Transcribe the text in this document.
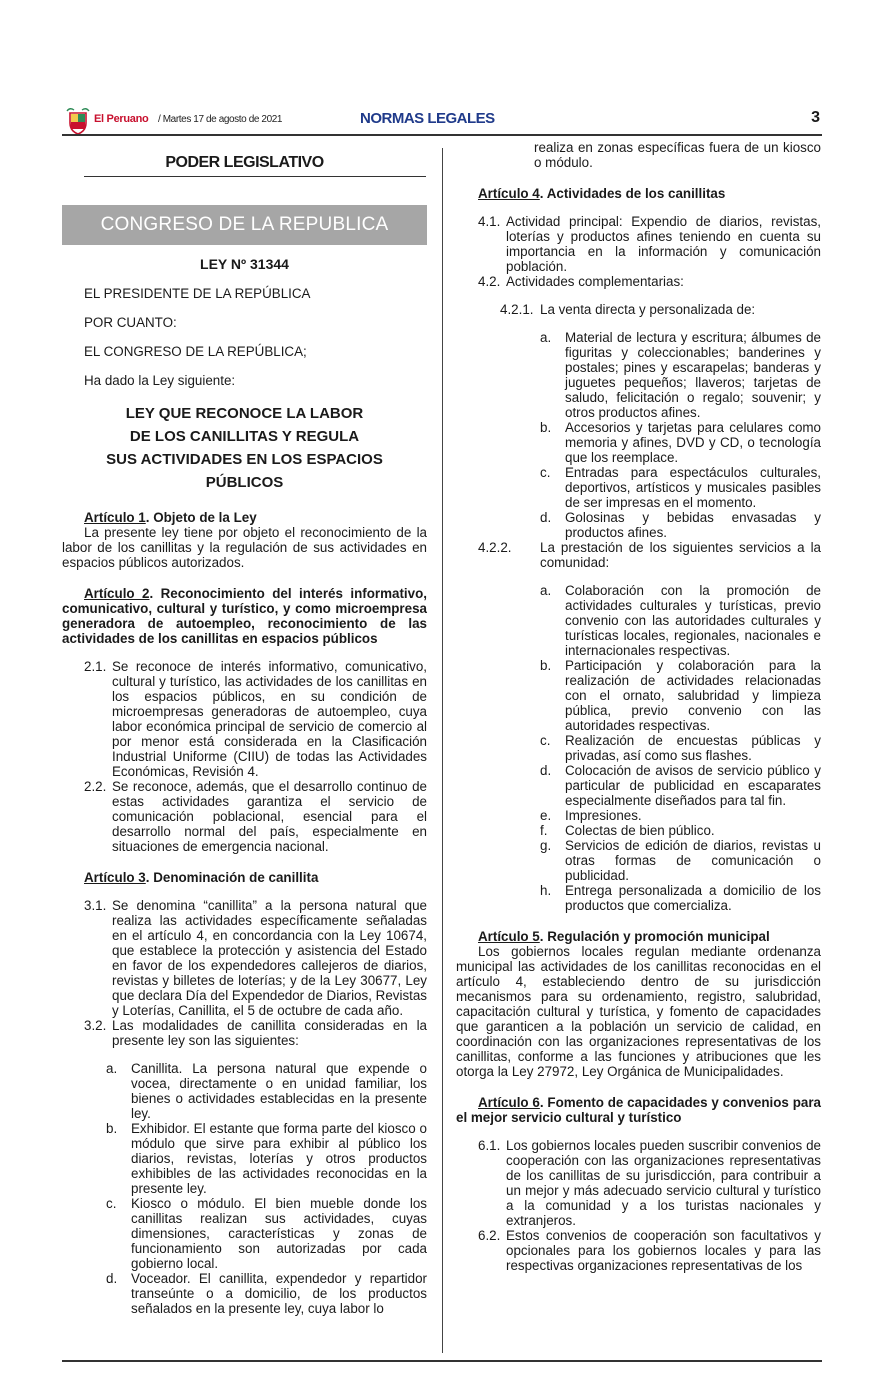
El Peruano / Martes 17 de agosto de 2021	NORMAS LEGALES	3

PODER LEGISLATIVO

CONGRESO DE LA REPUBLICA

LEY Nº 31344

EL PRESIDENTE DE LA REPÚBLICA

POR CUANTO:

EL CONGRESO DE LA REPÚBLICA;

Ha dado la Ley siguiente:

LEY QUE RECONOCE LA LABOR
DE LOS CANILLITAS Y REGULA
SUS ACTIVIDADES EN LOS ESPACIOS
PÚBLICOS

Artículo 1. Objeto de la Ley

La presente ley tiene por objeto el reconocimiento de la labor de los canillitas y la regulación de sus actividades en espacios públicos autorizados.

Artículo 2. Reconocimiento del interés informativo, comunicativo, cultural y turístico, y como microempresa generadora de autoempleo, reconocimiento de las actividades de los canillitas en espacios públicos

2.1. Se reconoce de interés informativo, comunicativo, cultural y turístico, las actividades de los canillitas en los espacios públicos, en su condición de microempresas generadoras de autoempleo, cuya labor económica principal de servicio de comercio al por menor está considerada en la Clasificación Industrial Uniforme (CIIU) de todas las Actividades Económicas, Revisión 4.
2.2. Se reconoce, además, que el desarrollo continuo de estas actividades garantiza el servicio de comunicación poblacional, esencial para el desarrollo normal del país, especialmente en situaciones de emergencia nacional.

Artículo 3. Denominación de canillita

3.1. Se denomina “canillita” a la persona natural que realiza las actividades específicamente señaladas en el artículo 4, en concordancia con la Ley 10674, que establece la protección y asistencia del Estado en favor de los expendedores callejeros de diarios, revistas y billetes de loterías; y de la Ley 30677, Ley que declara Día del Expendedor de Diarios, Revistas y Loterías, Canillita, el 5 de octubre de cada año.
3.2. Las modalidades de canillita consideradas en la presente ley son las siguientes:
a.	Canillita. La persona natural que expende o vocea, directamente o en unidad familiar, los bienes o actividades establecidas en la presente ley.
b.	Exhibidor. El estante que forma parte del kiosco o módulo que sirve para exhibir al público los diarios, revistas, loterías y otros productos exhibibles de las actividades reconocidas en la presente ley.
c.	Kiosco o módulo. El bien mueble donde los canillitas realizan sus actividades, cuyas dimensiones, características y zonas de funcionamiento son autorizadas por cada gobierno local.
d.	Voceador. El canillita, expendedor y repartidor transeúnte o a domicilio, de los productos señalados en la presente ley, cuya labor lo
realiza en zonas específicas fuera de un kiosco o módulo.

Artículo 4. Actividades de los canillitas

4.1. Actividad principal: Expendio de diarios, revistas, loterías y productos afines teniendo en cuenta su importancia en la información y comunicación población.
4.2. Actividades complementarias:
4.2.1. La venta directa y personalizada de:
a.	Material de lectura y escritura; álbumes de figuritas y coleccionables; banderines y postales; pines y escarapelas; banderas y juguetes pequeños; llaveros; tarjetas de saludo, felicitación o regalo; souvenir; y otros productos afines.
b.	Accesorios y tarjetas para celulares como memoria y afines, DVD y CD, o tecnología que los reemplace.
c.	Entradas para espectáculos culturales, deportivos, artísticos y musicales pasibles de ser impresas en el momento.
d.	Golosinas y bebidas envasadas y productos afines.
4.2.2.	La prestación de los siguientes servicios a la comunidad:
a.	Colaboración con la promoción de actividades culturales y turísticas, previo convenio con las autoridades culturales y turísticas locales, regionales, nacionales e internacionales respectivas.
b.	Participación y colaboración para la realización de actividades relacionadas con el ornato, salubridad y limpieza pública, previo convenio con las autoridades respectivas.
c.	Realización de encuestas públicas y privadas, así como sus flashes.
d.	Colocación de avisos de servicio público y particular de publicidad en escaparates especialmente diseñados para tal fin.
e.	Impresiones.
f.	Colectas de bien público.
g.	Servicios de edición de diarios, revistas u otras formas de comunicación o publicidad.
h.	Entrega personalizada a domicilio de los productos que comercializa.

Artículo 5. Regulación y promoción municipal

Los gobiernos locales regulan mediante ordenanza municipal las actividades de los canillitas reconocidas en el artículo 4, estableciendo dentro de su jurisdicción mecanismos para su ordenamiento, registro, salubridad, capacitación cultural y turística, y fomento de capacidades que garanticen a la población un servicio de calidad, en coordinación con las organizaciones representativas de los canillitas, conforme a las funciones y atribuciones que les otorga la Ley 27972, Ley Orgánica de Municipalidades.

Artículo 6. Fomento de capacidades y convenios para el mejor servicio cultural y turístico

6.1. Los gobiernos locales pueden suscribir convenios de cooperación con las organizaciones representativas de los canillitas de su jurisdicción, para contribuir a un mejor y más adecuado servicio cultural y turístico a la comunidad y a los turistas nacionales y extranjeros.
6.2. Estos convenios de cooperación son facultativos y opcionales para los gobiernos locales y para las respectivas organizaciones representativas de los
